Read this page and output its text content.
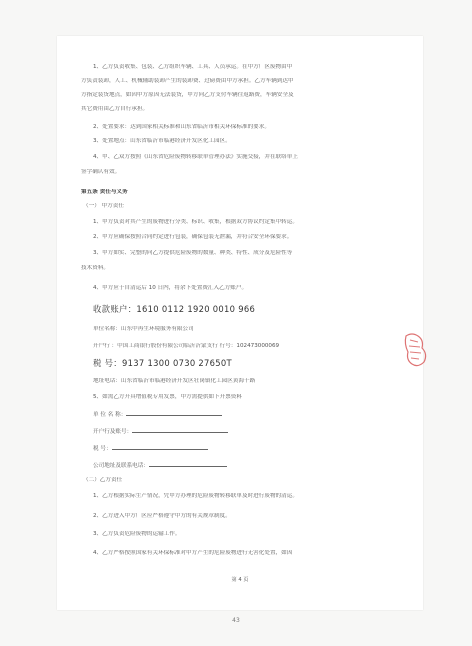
1、乙方负责收集、包装、乙方组织车辆、工具、人员承运。在甲方厂区废物由甲
方负责装卸，人工、机械辅助装卸产生的装卸费、过磅费由甲方承担。乙方车辆到达甲
方指定装货地点，如因甲方原因无法装货，甲方向乙方支付车辆往返路费，车辆安全及
其它费用由乙方自行承担。
2、处置要求：达到国家相关标准和山东省临沂市相关环保标准的要求。
3、处置地点：山东省临沂市临港经济开发区化工园区。
4、甲、乙双方按照《山东省危险废物转移联单管理办法》实施交接，并在联络单上
签字确认有效。
第五条 责任与义务
（一） 甲方责任
1、甲方负责对其产生的废物进行分类、标识、收集，根据双方协议约定集中转运。
2、甲方应确保按照合同约定进行包装，确保包装无泄漏，并符合安全环保要求。
3、甲方如实、完整的向乙方提供危险废物的数量、种类、特性、成分及危险性等
技术资料。
4、甲方应于自清运后 10 日内，将余下处置费汇入乙方账户。
收款账户：1610 0112 1920 0010 966
单位名称：山东中再生环境服务有限公司
开户行 ：中国工商银行股份有限公司临沂沂蒙支行 行号：102473000069
税 号：9137 1300 0730 27650T
地址电话：山东省临沂市临港经济开发区壮岗镇化工园区黄海十路
5、如需乙方开具增值税专用发票，甲方需提供如下开票资料
单 位 名 称：
开户行及账号：
税 号：
公司地址及联系电话：
（二）乙方责任
1、乙方根据实际生产情况，凭甲方办理的危险废物转移联单及时进行废物的清运。
2、乙方进入甲方厂区应严格遵守甲方的有关规章制度。
3、乙方负责危险废物的运输工作。
4、乙方严格按照国家有关环保标准对甲方产生的危险废物进行无害化处置，如因
第 4 页
43
